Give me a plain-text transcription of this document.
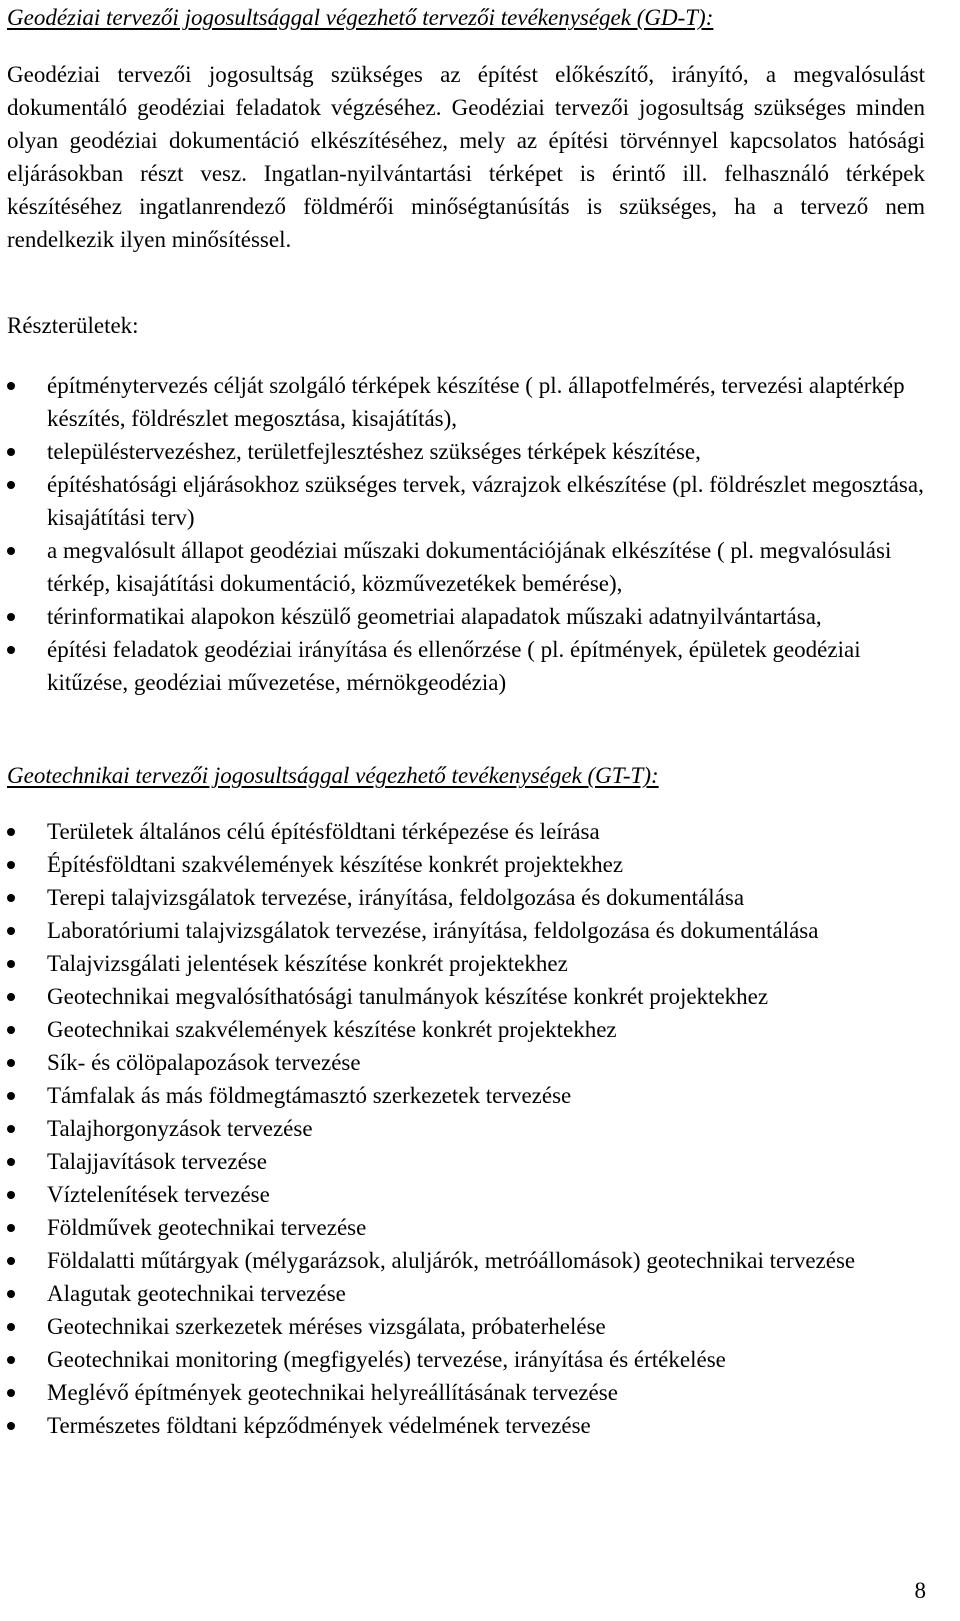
Geodéziai tervezői jogosultsággal végezhető tervezői tevékenységek (GD-T):

Geodéziai tervezői jogosultság szükséges az építést előkészítő, irányító, a megvalósulást dokumentáló geodéziai feladatok végzéséhez. Geodéziai tervezői jogosultság szükséges minden olyan geodéziai dokumentáció elkészítéséhez, mely az építési törvénnyel kapcsolatos hatósági eljárásokban részt vesz. Ingatlan-nyilvántartási térképet is érintő ill. felhasználó térképek készítéséhez ingatlanrendező földmérői minőségtanúsítás is szükséges, ha a tervező nem rendelkezik ilyen minősítéssel.

Részterületek:

építménytervezés célját szolgáló térképek készítése ( pl. állapotfelmérés, tervezési alaptérkép készítés, földrészlet megosztása, kisajátítás),
településtervezéshez, területfejlesztéshez szükséges térképek készítése,
építéshatósági eljárásokhoz szükséges tervek, vázrajzok elkészítése (pl. földrészlet megosztása, kisajátítási terv)
a megvalósult állapot geodéziai műszaki dokumentációjának elkészítése ( pl. megvalósulási térkép, kisajátítási dokumentáció, közművezetékek bemérése),
térinformatikai alapokon készülő geometriai alapadatok műszaki adatnyilvántartása,
építési feladatok geodéziai irányítása és ellenőrzése ( pl. építmények, épületek geodéziai kitűzése, geodéziai művezetése, mérnökgeodézia)
Geotechnikai tervezői jogosultsággal végezhető tevékenységek (GT-T):
Területek általános célú építésföldtani térképezése és leírása
Építésföldtani szakvélemények készítése konkrét projektekhez
Terepi talajvizsgálatok tervezése, irányítása, feldolgozása és dokumentálása
Laboratóriumi talajvizsgálatok tervezése, irányítása, feldolgozása és dokumentálása
Talajvizsgálati jelentések készítése konkrét projektekhez
Geotechnikai megvalósíthatósági tanulmányok készítése konkrét projektekhez
Geotechnikai szakvélemények készítése konkrét projektekhez
Sík- és cölöpalapozások tervezése
Támfalak ás más földmegtámasztó szerkezetek tervezése
Talajhorgonyzások tervezése
Talajjavítások tervezése
Víztelenítések tervezése
Földművek geotechnikai tervezése
Földalatti műtárgyak (mélygarázsok, aluljárók, metróállomások) geotechnikai tervezése
Alagutak geotechnikai tervezése
Geotechnikai szerkezetek méréses vizsgálata, próbaterhelése
Geotechnikai monitoring (megfigyelés) tervezése, irányítása és értékelése
Meglévő építmények geotechnikai helyreállításának tervezése
Természetes földtani képződmények védelmének tervezése
8
